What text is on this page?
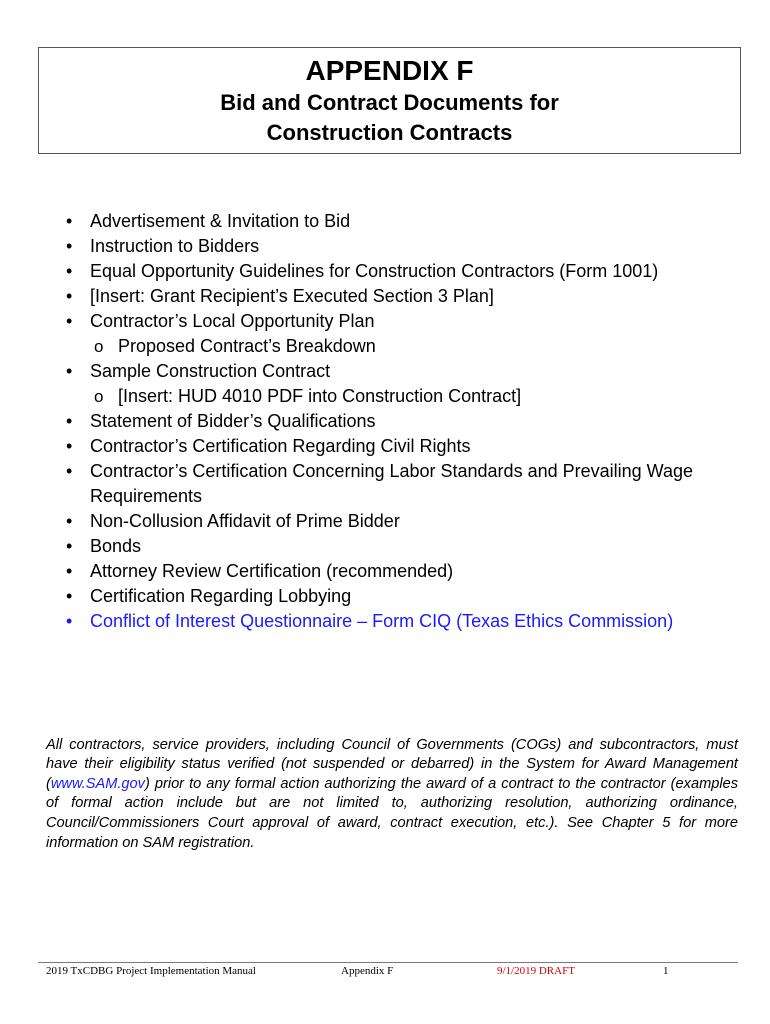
APPENDIX F
Bid and Contract Documents for
Construction Contracts
•
Advertisement & Invitation to Bid
•
Instruction to Bidders
•
Equal Opportunity Guidelines for Construction Contractors (Form 1001)
•
[Insert: Grant Recipient’s Executed Section 3 Plan]
•
Contractor’s Local Opportunity Plan
o
Proposed Contract’s Breakdown
•
Sample Construction Contract
o
[Insert: HUD 4010 PDF into Construction Contract]
•
Statement of Bidder’s Qualifications
•
Contractor’s Certification Regarding Civil Rights
•
Contractor’s Certification Concerning Labor Standards and Prevailing Wage Requirements
•
Non-Collusion Affidavit of Prime Bidder
•
Bonds
•
Attorney Review Certification (recommended)
•
Certification Regarding Lobbying
•
Conflict of Interest Questionnaire – Form CIQ (Texas Ethics Commission)

All contractors, service providers, including Council of Governments (COGs) and subcontractors, must have their eligibility status verified (not suspended or debarred) in the System for Award Management (www.SAM.gov) prior to any formal action authorizing the award of a contract to the contractor (examples of formal action include but are not limited to, authorizing resolution, authorizing ordinance, Council/Commissioners Court approval of award, contract execution, etc.). See Chapter 5 for more information on SAM registration.

2019 TxCDBG Project Implementation Manual	Appendix F	9/1/2019 DRAFT	1
